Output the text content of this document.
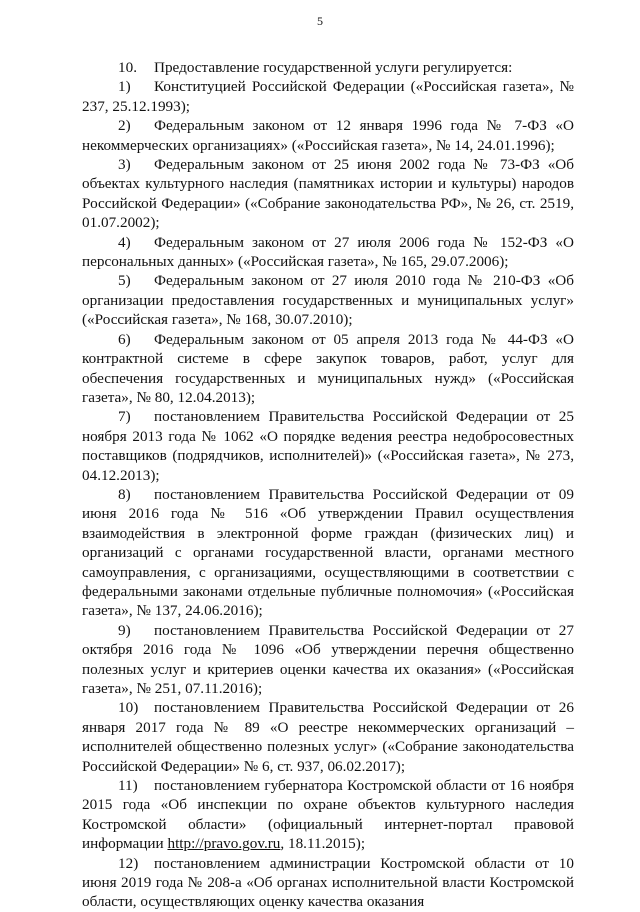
5

10. Предоставление государственной услуги регулируется:

1) Конституцией Российской Федерации («Российская газета», № 237, 25.12.1993);

2) Федеральным законом от 12 января 1996 года № 7-ФЗ «О некоммерческих организациях» («Российская газета», № 14, 24.01.1996);

3) Федеральным законом от 25 июня 2002 года № 73-ФЗ «Об объектах культурного наследия (памятниках истории и культуры) народов Российской Федерации» («Собрание законодательства РФ», № 26, ст. 2519, 01.07.2002);

4) Федеральным законом от 27 июля 2006 года № 152-ФЗ «О персональных данных» («Российская газета», № 165, 29.07.2006);

5) Федеральным законом от 27 июля 2010 года № 210-ФЗ «Об организации предоставления государственных и муниципальных услуг» («Российская газета», № 168, 30.07.2010);

6) Федеральным законом от 05 апреля 2013 года № 44-ФЗ «О контрактной системе в сфере закупок товаров, работ, услуг для обеспечения государственных и муниципальных нужд» («Российская газета», № 80, 12.04.2013);

7) постановлением Правительства Российской Федерации от 25 ноября 2013 года № 1062 «О порядке ведения реестра недобросовестных поставщиков (подрядчиков, исполнителей)» («Российская газета», № 273, 04.12.2013);

8) постановлением Правительства Российской Федерации от 09 июня 2016 года № 516 «Об утверждении Правил осуществления взаимодействия в электронной форме граждан (физических лиц) и организаций с органами государственной власти, органами местного самоуправления, с организациями, осуществляющими в соответствии с федеральными законами отдельные публичные полномочия» («Российская газета», № 137, 24.06.2016);

9) постановлением Правительства Российской Федерации от 27 октября 2016 года № 1096 «Об утверждении перечня общественно полезных услуг и критериев оценки качества их оказания» («Российская газета», № 251, 07.11.2016);

10) постановлением Правительства Российской Федерации от 26 января 2017 года № 89 «О реестре некоммерческих организаций – исполнителей общественно полезных услуг» («Собрание законодательства Российской Федерации» № 6, ст. 937, 06.02.2017);

11) постановлением губернатора Костромской области от 16 ноября 2015 года «Об инспекции по охране объектов культурного наследия Костромской области» (официальный интернет-портал правовой информации http://pravo.gov.ru, 18.11.2015);

12) постановлением администрации Костромской области от 10 июня 2019 года № 208-а «Об органах исполнительной власти Костромской области, осуществляющих оценку качества оказания
